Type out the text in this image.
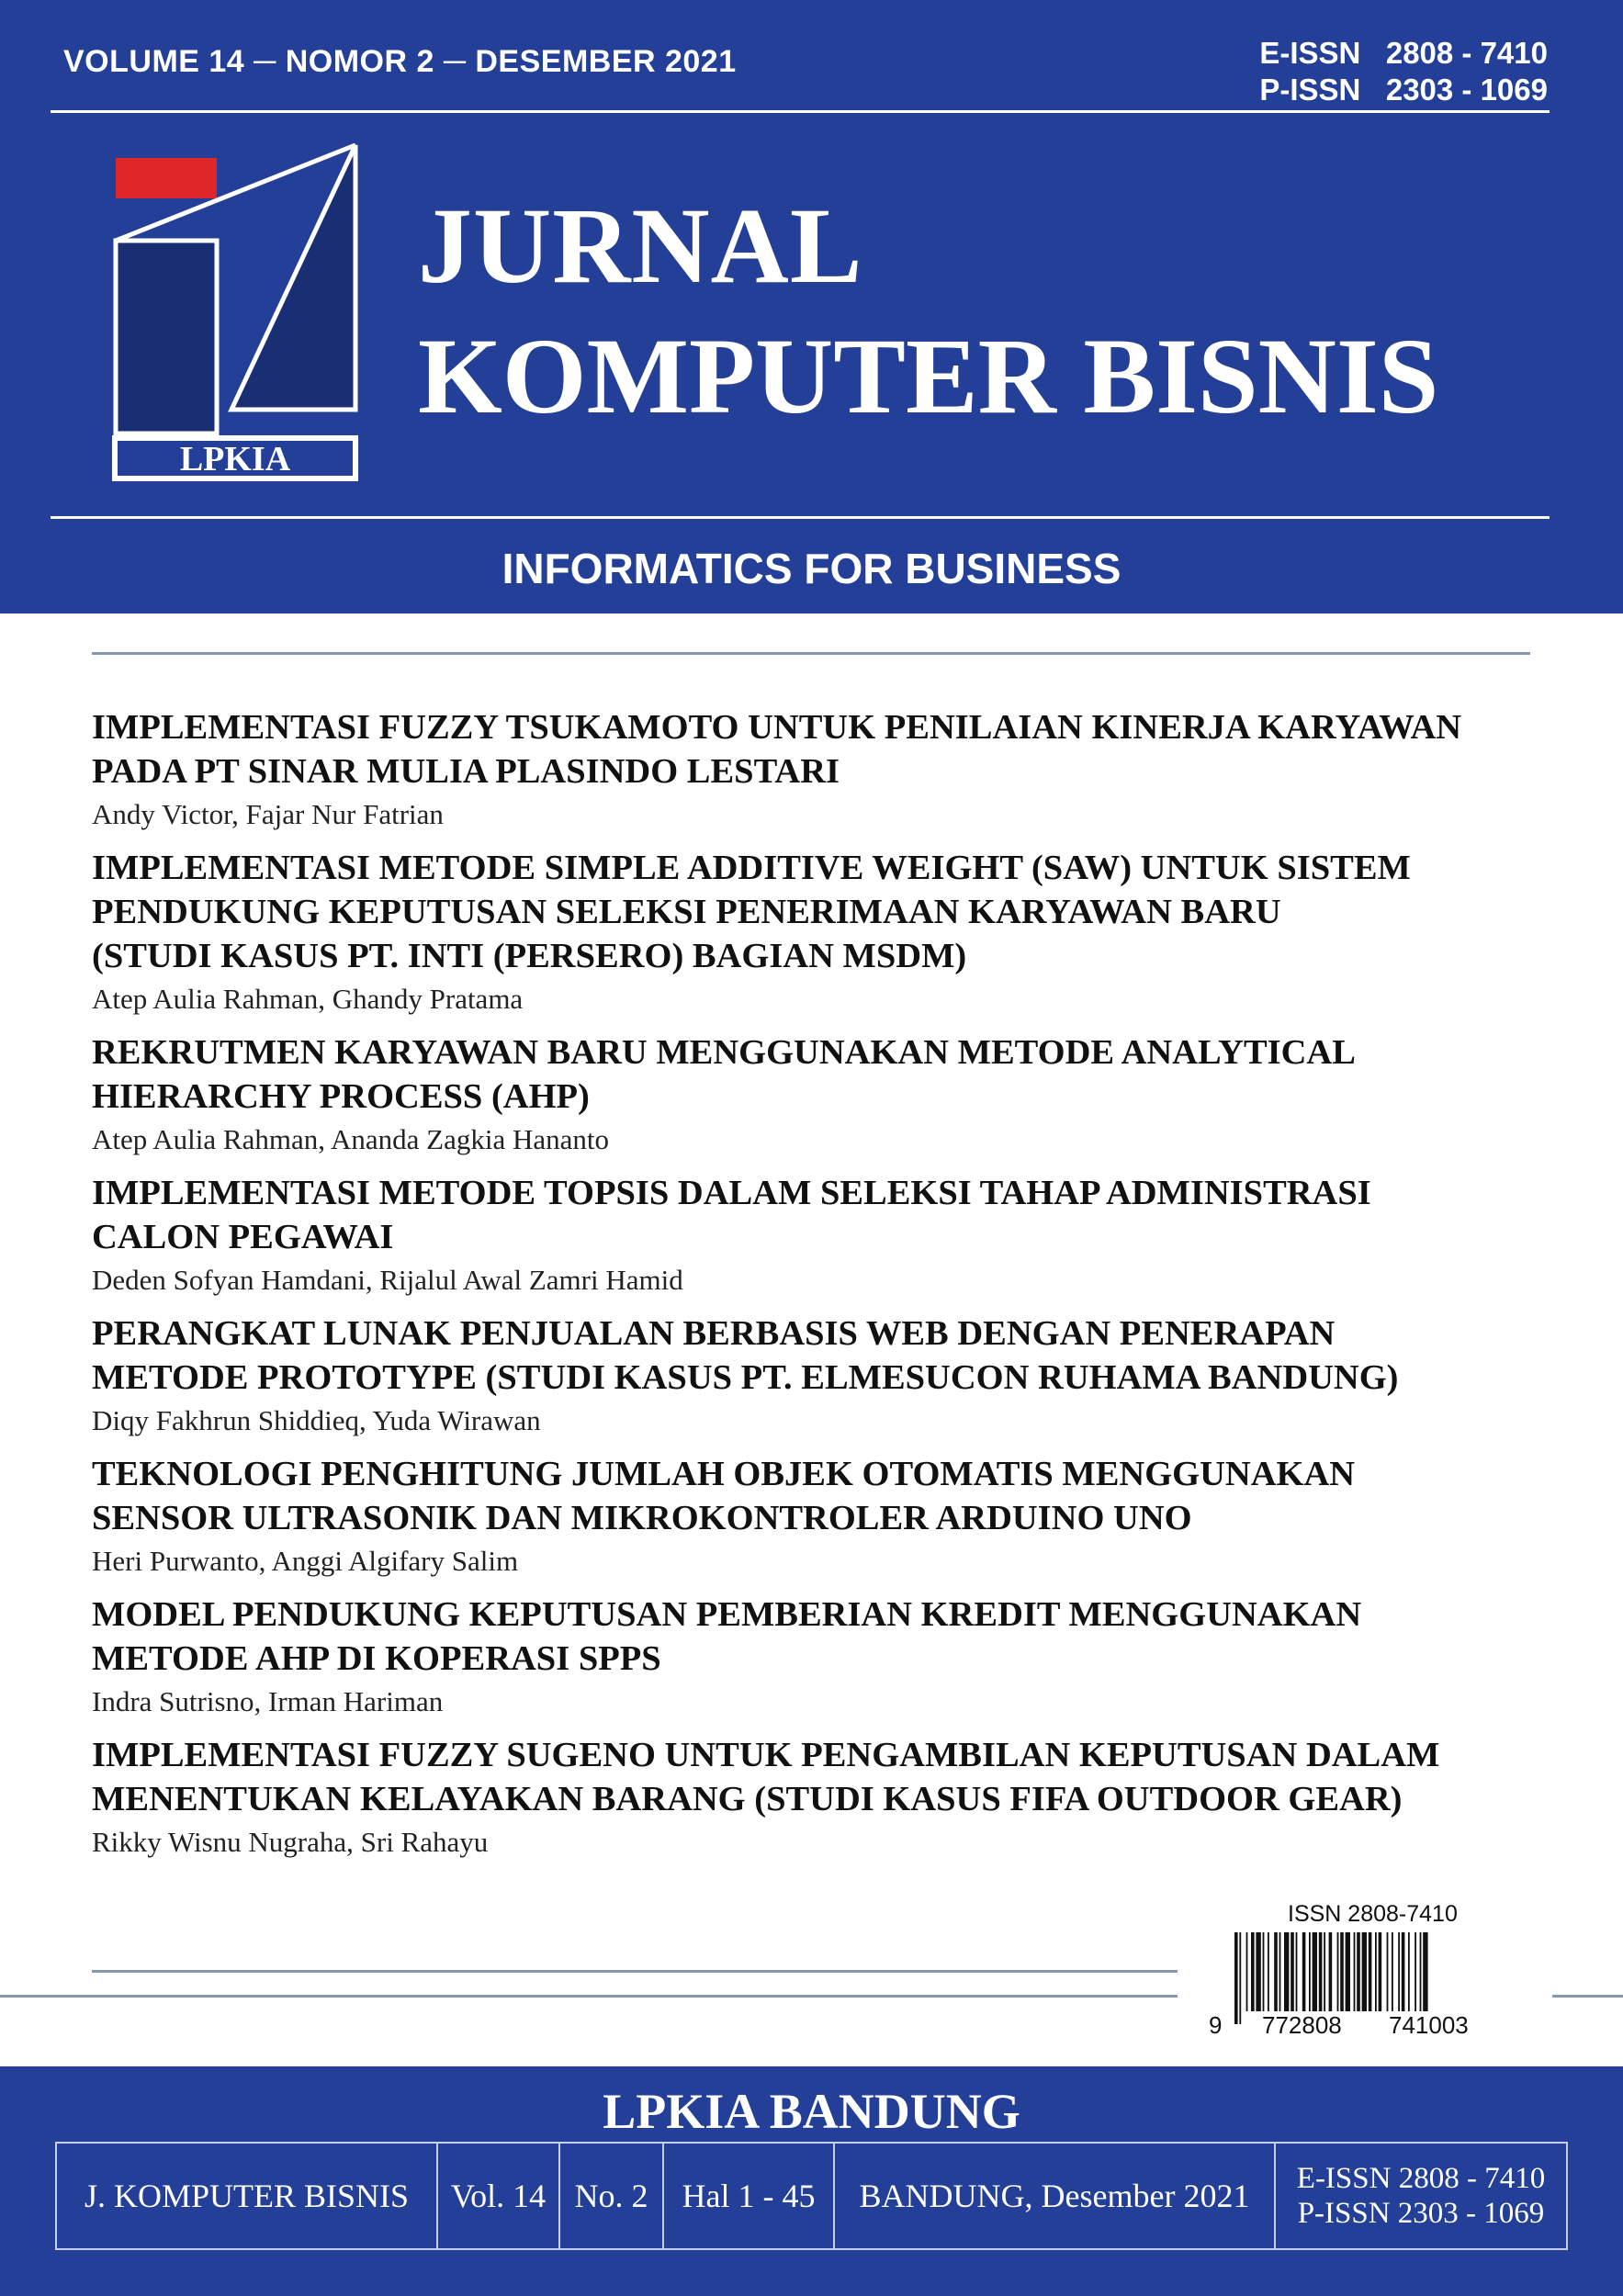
VOLUME 14 ─ NOMOR 2 ─ DESEMBER 2021	E-ISSN   2808 - 7410
P-ISSN   2303 - 1069
LPKIA
JURNAL
KOMPUTER BISNIS
INFORMATICS FOR BUSINESS
IMPLEMENTASI FUZZY TSUKAMOTO UNTUK PENILAIAN KINERJA KARYAWAN
PADA PT SINAR MULIA PLASINDO LESTARI
Andy Victor, Fajar Nur Fatrian
IMPLEMENTASI METODE SIMPLE ADDITIVE WEIGHT (SAW) UNTUK SISTEM
PENDUKUNG KEPUTUSAN SELEKSI PENERIMAAN KARYAWAN BARU
(STUDI KASUS PT. INTI (PERSERO) BAGIAN MSDM)
Atep Aulia Rahman, Ghandy Pratama
REKRUTMEN KARYAWAN BARU MENGGUNAKAN METODE ANALYTICAL
HIERARCHY PROCESS (AHP)
Atep Aulia Rahman, Ananda Zagkia Hananto
IMPLEMENTASI METODE TOPSIS DALAM SELEKSI TAHAP ADMINISTRASI
CALON PEGAWAI
Deden Sofyan Hamdani, Rijalul Awal Zamri Hamid
PERANGKAT LUNAK PENJUALAN BERBASIS WEB DENGAN PENERAPAN
METODE PROTOTYPE (STUDI KASUS PT. ELMESUCON RUHAMA BANDUNG)
Diqy Fakhrun Shiddieq, Yuda Wirawan
TEKNOLOGI PENGHITUNG JUMLAH OBJEK OTOMATIS MENGGUNAKAN
SENSOR ULTRASONIK DAN MIKROKONTROLER ARDUINO UNO
Heri Purwanto, Anggi Algifary Salim
MODEL PENDUKUNG KEPUTUSAN PEMBERIAN KREDIT MENGGUNAKAN
METODE AHP DI KOPERASI SPPS
Indra Sutrisno, Irman Hariman
IMPLEMENTASI FUZZY SUGENO UNTUK PENGAMBILAN KEPUTUSAN DALAM
MENENTUKAN KELAYAKAN BARANG (STUDI KASUS FIFA OUTDOOR GEAR)
Rikky Wisnu Nugraha, Sri Rahayu
ISSN 2808-7410
9 772808 741003
LPKIA BANDUNG
J. KOMPUTER BISNIS	Vol. 14 No. 2	Hal 1 - 45	BANDUNG, Desember 2021	E-ISSN 2808 - 7410
P-ISSN 2303 - 1069
